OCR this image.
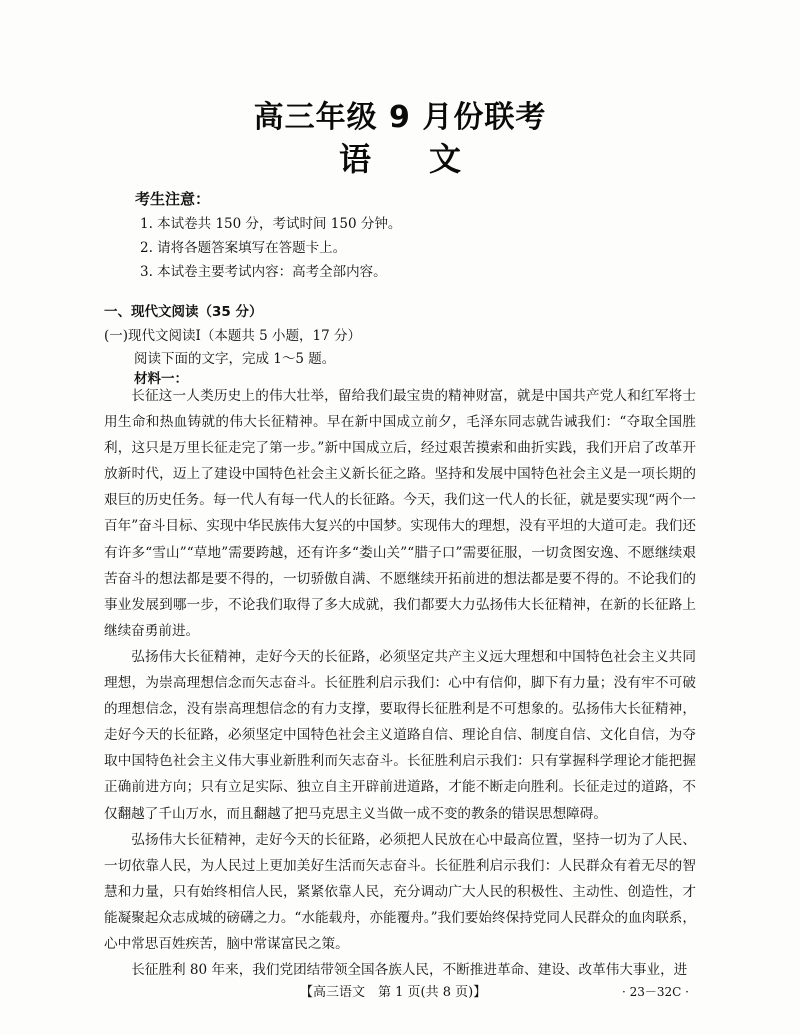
高三年级 9 月份联考
语文
考生注意：
1. 本试卷共 150 分，考试时间 150 分钟。
2. 请将各题答案填写在答题卡上。
3. 本试卷主要考试内容：高考全部内容。
一、现代文阅读（35 分）
(一)现代文阅读Ⅰ（本题共 5 小题，17 分）
阅读下面的文字，完成 1～5 题。
材料一：

长征这一人类历史上的伟大壮举，留给我们最宝贵的精神财富，就是中国共产党人和红军将士用生命和热血铸就的伟大长征精神。早在新中国成立前夕，毛泽东同志就告诫我们：“夺取全国胜利，这只是万里长征走完了第一步。”新中国成立后，经过艰苦摸索和曲折实践，我们开启了改革开放新时代，迈上了建设中国特色社会主义新长征之路。坚持和发展中国特色社会主义是一项长期的艰巨的历史任务。每一代人有每一代人的长征路。今天，我们这一代人的长征，就是要实现“两个一百年”奋斗目标、实现中华民族伟大复兴的中国梦。实现伟大的理想，没有平坦的大道可走。我们还有许多“雪山”“草地”需要跨越，还有许多“娄山关”“腊子口”需要征服，一切贪图安逸、不愿继续艰苦奋斗的想法都是要不得的，一切骄傲自满、不愿继续开拓前进的想法都是要不得的。不论我们的事业发展到哪一步，不论我们取得了多大成就，我们都要大力弘扬伟大长征精神，在新的长征路上继续奋勇前进。

弘扬伟大长征精神，走好今天的长征路，必须坚定共产主义远大理想和中国特色社会主义共同理想，为崇高理想信念而矢志奋斗。长征胜利启示我们：心中有信仰，脚下有力量；没有牢不可破的理想信念，没有崇高理想信念的有力支撑，要取得长征胜利是不可想象的。弘扬伟大长征精神，走好今天的长征路，必须坚定中国特色社会主义道路自信、理论自信、制度自信、文化自信，为夺取中国特色社会主义伟大事业新胜利而矢志奋斗。长征胜利启示我们：只有掌握科学理论才能把握正确前进方向；只有立足实际、独立自主开辟前进道路，才能不断走向胜利。长征走过的道路，不仅翻越了千山万水，而且翻越了把马克思主义当做一成不变的教条的错误思想障碍。

弘扬伟大长征精神，走好今天的长征路，必须把人民放在心中最高位置，坚持一切为了人民、一切依靠人民，为人民过上更加美好生活而矢志奋斗。长征胜利启示我们：人民群众有着无尽的智慧和力量，只有始终相信人民，紧紧依靠人民，充分调动广大人民的积极性、主动性、创造性，才能凝聚起众志成城的磅礴之力。“水能载舟，亦能覆舟。”我们要始终保持党同人民群众的血肉联系，心中常思百姓疾苦，脑中常谋富民之策。

长征胜利 80 年来，我们党团结带领全国各族人民，不断推进革命、建设、改革伟大事业，进

【高三语文　第 1 页(共 8 页)】	· 23－32C ·
